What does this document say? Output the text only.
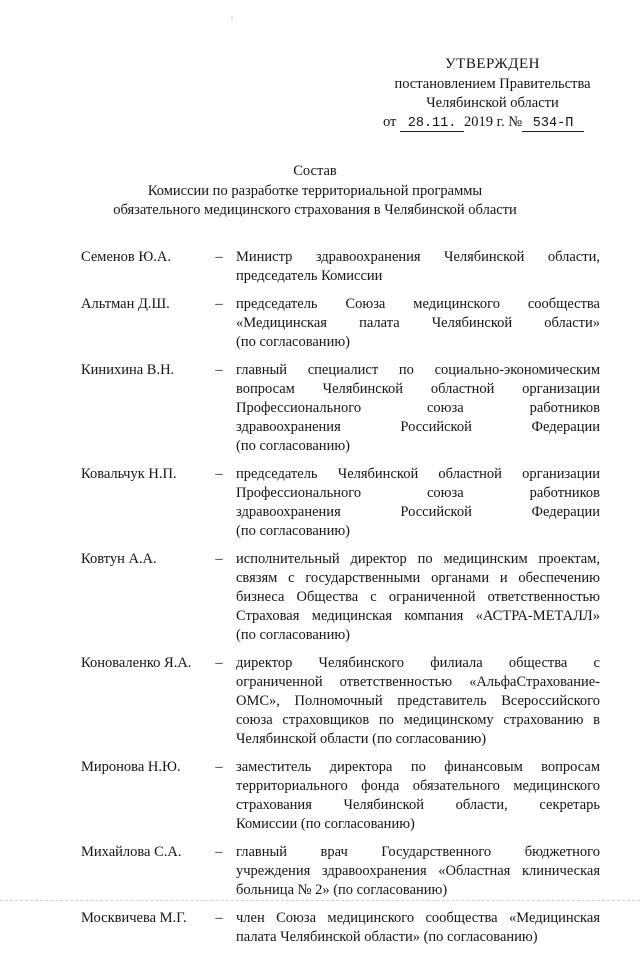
УТВЕРЖДЕН
постановлением Правительства
Челябинской области
от 28.11. 2019 г. № 534-П
Состав
Комиссии по разработке территориальной программы
обязательного медицинского страхования в Челябинской области
Семенов Ю.А.	– Министр здравоохранения Челябинской области,
председатель Комиссии
Альтман Д.Ш.	– председатель Союза медицинского сообщества
«Медицинская палата Челябинской области»
(по согласованию)
Кинихина В.Н.	– главный специалист по социально-экономическим
вопросам Челябинской областной организации
Профессионального союза работников
здравоохранения Российской Федерации
(по согласованию)
Ковальчук Н.П.	– председатель Челябинской областной организации
Профессионального союза работников
здравоохранения Российской Федерации
(по согласованию)
Ковтун А.А.	– исполнительный директор по медицинским проектам,
связям с государственными органами и обеспечению
бизнеса Общества с ограниченной ответственностью
Страховая медицинская компания «АСТРА-МЕТАЛЛ»
(по согласованию)
Коноваленко Я.А.	– директор Челябинского филиала общества с
ограниченной ответственностью «АльфаСтрахование-
ОМС», Полномочный представитель Всероссийского
союза страховщиков по медицинскому страхованию в
Челябинской области (по согласованию)
Миронова Н.Ю.	– заместитель директора по финансовым вопросам
территориального фонда обязательного медицинского
страхования Челябинской области, секретарь
Комиссии (по согласованию)
Михайлова С.А.	– главный врач Государственного бюджетного
учреждения здравоохранения «Областная клиническая
больница № 2» (по согласованию)
Москвичева М.Г.	– член Союза медицинского сообщества «Медицинская
палата Челябинской области» (по согласованию)
